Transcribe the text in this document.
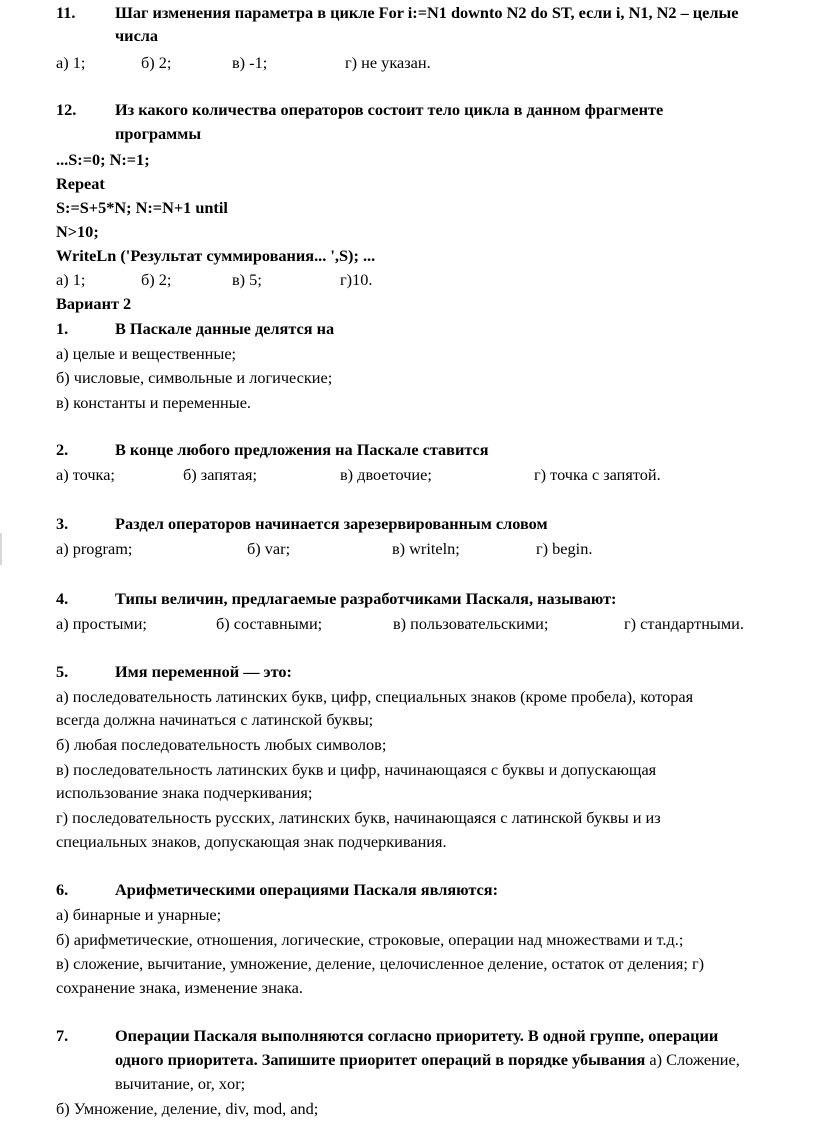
11. Шаг изменения параметра в цикле For i:=N1 downto N2 do ST, если i, N1, N2 – целые
числа
а) 1;	б) 2;	в) -1;	г) не указан.
12. Из какого количества операторов состоит тело цикла в данном фрагменте
программы
...S:=0; N:=1;
Repeat
S:=S+5*N; N:=N+1 until
N>10;
WriteLn ('Результат суммирования... ',S); ...
а) 1;	б) 2;	в) 5;	г)10.
Вариант 2
1.	В Паскале данные делятся на
а) целые и вещественные;
б) числовые, символьные и логические;
в) константы и переменные.
2.	В конце любого предложения на Паскале ставится
а) точка;	б) запятая;	в) двоеточие;	г) точка с запятой.
3.	Раздел операторов начинается зарезервированным словом
а) program;	б) var;	в) writeln;	г) begin.
4.	Типы величин, предлагаемые разработчиками Паскаля, называют:
а) простыми;	б) составными;	в) пользовательскими;	г) стандартными.
5.	Имя переменной — это:
а) последовательность латинских букв, цифр, специальных знаков (кроме пробела), которая
всегда должна начинаться с латинской буквы;
б) любая последовательность любых символов;
в) последовательность латинских букв и цифр, начинающаяся с буквы и допускающая
использование знака подчеркивания;
г) последовательность русских, латинских букв, начинающаяся с латинской буквы и из
специальных знаков, допускающая знак подчеркивания.
6.	Арифметическими операциями Паскаля являются:
а) бинарные и унарные;
б) арифметические, отношения, логические, строковые, операции над множествами и т.д.;
в) сложение, вычитание, умножение, деление, целочисленное деление, остаток от деления; г)
сохранение знака, изменение знака.
7.	Операции Паскаля выполняются согласно приоритету. В одной группе, операции
одного приоритета. Запишите приоритет операций в порядке убывания а) Сложение,
вычитание, or, xor;
б) Умножение, деление, div, mod, and;
